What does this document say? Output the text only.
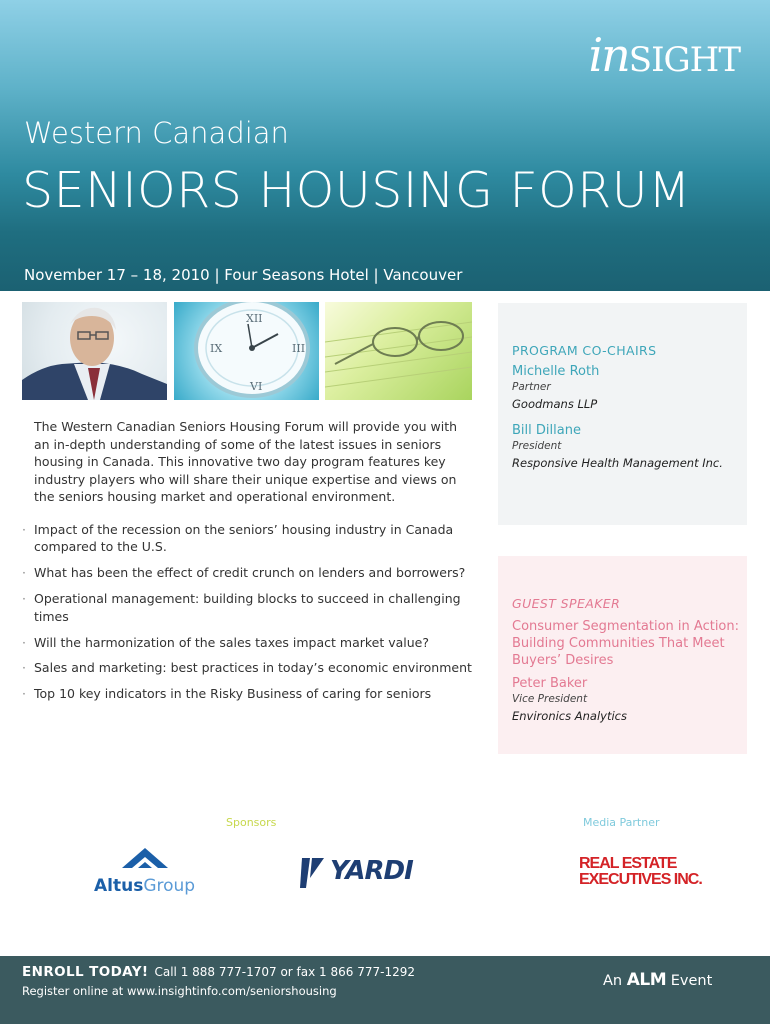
inSIGHT
Western Canadian
SENIORS HOUSING FORUM
November 17 – 18, 2010 | Four Seasons Hotel | Vancouver
XII
III
VI
IX
The Western Canadian Seniors Housing Forum will provide you with an in-depth understanding of some of the latest issues in seniors housing in Canada. This innovative two day program features key industry players who will share their unique expertise and views on the seniors housing market and operational environment.
· Impact of the recession on the seniors’ housing industry in Canada compared to the U.S.
· What has been the effect of credit crunch on lenders and borrowers?
· Operational management: building blocks to succeed in challenging times
· Will the harmonization of the sales taxes impact market value?
· Sales and marketing: best practices in today’s economic environment
· Top 10 key indicators in the Risky Business of caring for seniors
PROGRAM CO-CHAIRS
Michelle Roth
Partner
Goodmans LLP
Bill Dillane
President
Responsive Health Management Inc.
GUEST SPEAKER
Consumer Segmentation in Action: Building Communities That Meet Buyers’ Desires
Peter Baker
Vice President
Environics Analytics
Sponsors	Media Partner
AltusGroup	YARDI	REAL ESTATE
EXECUTIVES INC.
ENROLL TODAY! Call 1 888 777-1707 or fax 1 866 777-1292
Register online at www.insightinfo.com/seniorshousing
An ALM Event
